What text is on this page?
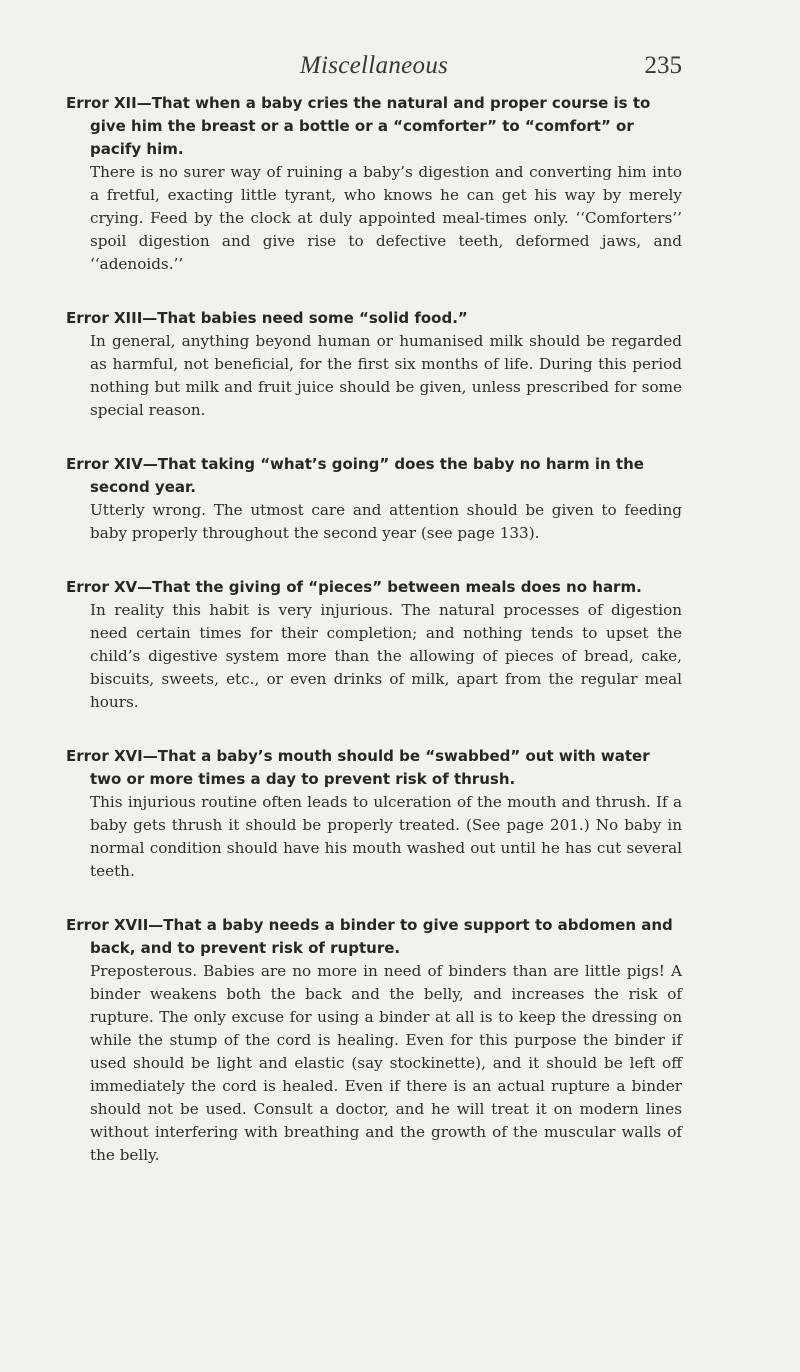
Miscellaneous	235

Error XII—That when a baby cries the natural and proper course is to give him the breast or a bottle or a “comforter” to “comfort” or pacify him.

There is no surer way of ruining a baby’s digestion and converting him into a fretful, exacting little tyrant, who knows he can get his way by merely crying. Feed by the clock at duly appointed meal-times only. ‘‘Comforters’’ spoil digestion and give rise to defective teeth, deformed jaws, and ‘‘adenoids.’’

Error XIII—That babies need some “solid food.”

In general, anything beyond human or humanised milk should be regarded as harmful, not beneficial, for the first six months of life. During this period nothing but milk and fruit juice should be given, unless prescribed for some special reason.

Error XIV—That taking “what’s going” does the baby no harm in the second year.

Utterly wrong. The utmost care and attention should be given to feeding baby properly throughout the second year (see page 133).

Error XV—That the giving of “pieces” between meals does no harm.

In reality this habit is very injurious. The natural processes of digestion need certain times for their completion; and nothing tends to upset the child’s digestive system more than the allowing of pieces of bread, cake, biscuits, sweets, etc., or even drinks of milk, apart from the regular meal hours.

Error XVI—That a baby’s mouth should be “swabbed” out with water two or more times a day to prevent risk of thrush.

This injurious routine often leads to ulceration of the mouth and thrush. If a baby gets thrush it should be properly treated. (See page 201.) No baby in normal condition should have his mouth washed out until he has cut several teeth.

Error XVII—That a baby needs a binder to give support to abdomen and back, and to prevent risk of rupture.

Preposterous. Babies are no more in need of binders than are little pigs! A binder weakens both the back and the belly, and increases the risk of rupture. The only excuse for using a binder at all is to keep the dressing on while the stump of the cord is healing. Even for this purpose the binder if used should be light and elastic (say stockinette), and it should be left off immediately the cord is healed. Even if there is an actual rupture a binder should not be used. Consult a doctor, and he will treat it on modern lines without interfering with breathing and the growth of the muscular walls of the belly.
